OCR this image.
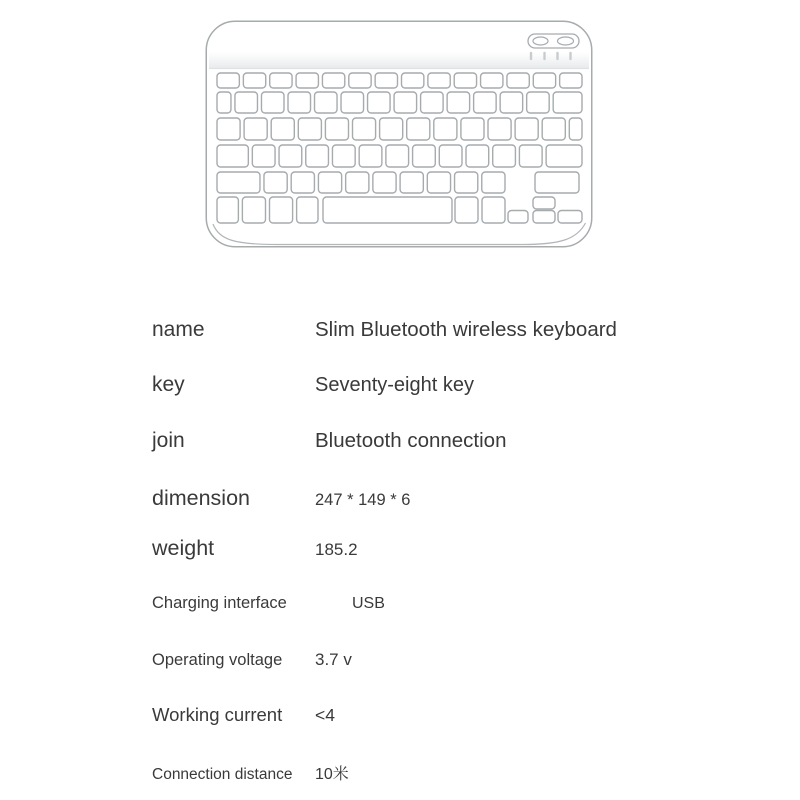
name	Slim Bluetooth wireless keyboard
key	Seventy-eight key
join	Bluetooth connection
dimension	247 * 149 * 6
weight	185.2
Charging interface	USB
Operating voltage	3.7 v
Working current	<4
Connection distance	10米
